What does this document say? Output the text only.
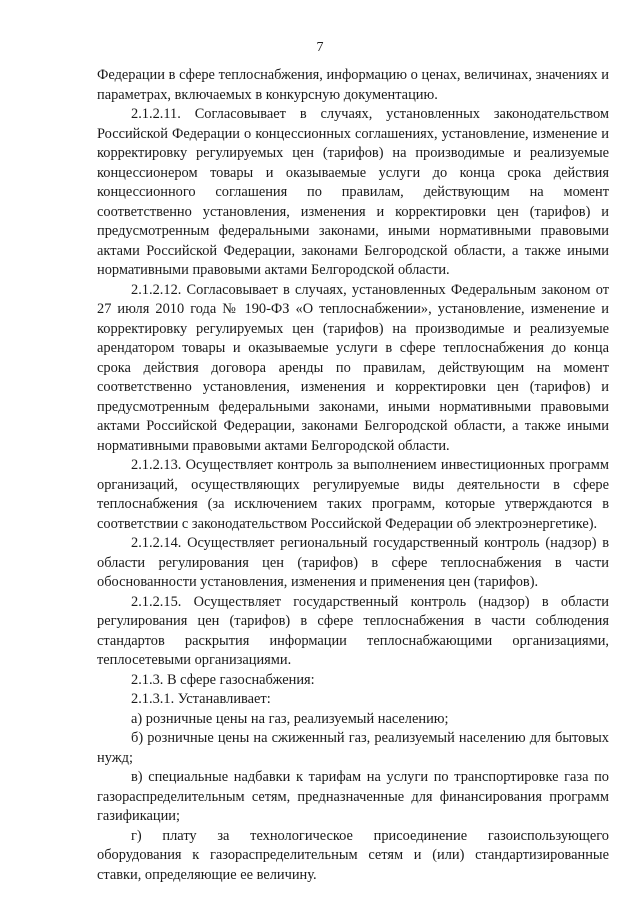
7

Федерации в сфере теплоснабжения, информацию о ценах, величинах, значениях и параметрах, включаемых в конкурсную документацию.

2.1.2.11. Согласовывает в случаях, установленных законодательством Российской Федерации о концессионных соглашениях, установление, изменение и корректировку регулируемых цен (тарифов) на производимые и реализуемые концессионером товары и оказываемые услуги до конца срока действия концессионного соглашения по правилам, действующим на момент соответственно установления, изменения и корректировки цен (тарифов) и предусмотренным федеральными законами, иными нормативными правовыми актами Российской Федерации, законами Белгородской области, а также иными нормативными правовыми актами Белгородской области.

2.1.2.12. Согласовывает в случаях, установленных Федеральным законом от 27 июля 2010 года № 190-ФЗ «О теплоснабжении», установление, изменение и корректировку регулируемых цен (тарифов) на производимые и реализуемые арендатором товары и оказываемые услуги в сфере теплоснабжения до конца срока действия договора аренды по правилам, действующим на момент соответственно установления, изменения и корректировки цен (тарифов) и предусмотренным федеральными законами, иными нормативными правовыми актами Российской Федерации, законами Белгородской области, а также иными нормативными правовыми актами Белгородской области.

2.1.2.13. Осуществляет контроль за выполнением инвестиционных программ организаций, осуществляющих регулируемые виды деятельности в сфере теплоснабжения (за исключением таких программ, которые утверждаются в соответствии с законодательством Российской Федерации об электроэнергетике).

2.1.2.14. Осуществляет региональный государственный контроль (надзор) в области регулирования цен (тарифов) в сфере теплоснабжения в части обоснованности установления, изменения и применения цен (тарифов).

2.1.2.15. Осуществляет государственный контроль (надзор) в области регулирования цен (тарифов) в сфере теплоснабжения в части соблюдения стандартов раскрытия информации теплоснабжающими организациями, теплосетевыми организациями.

2.1.3. В сфере газоснабжения:

2.1.3.1. Устанавливает:

а) розничные цены на газ, реализуемый населению;

б) розничные цены на сжиженный газ, реализуемый населению для бытовых нужд;

в) специальные надбавки к тарифам на услуги по транспортировке газа по газораспределительным сетям, предназначенные для финансирования программ газификации;

г) плату за технологическое присоединение газоиспользующего оборудования к газораспределительным сетям и (или) стандартизированные ставки, определяющие ее величину.
